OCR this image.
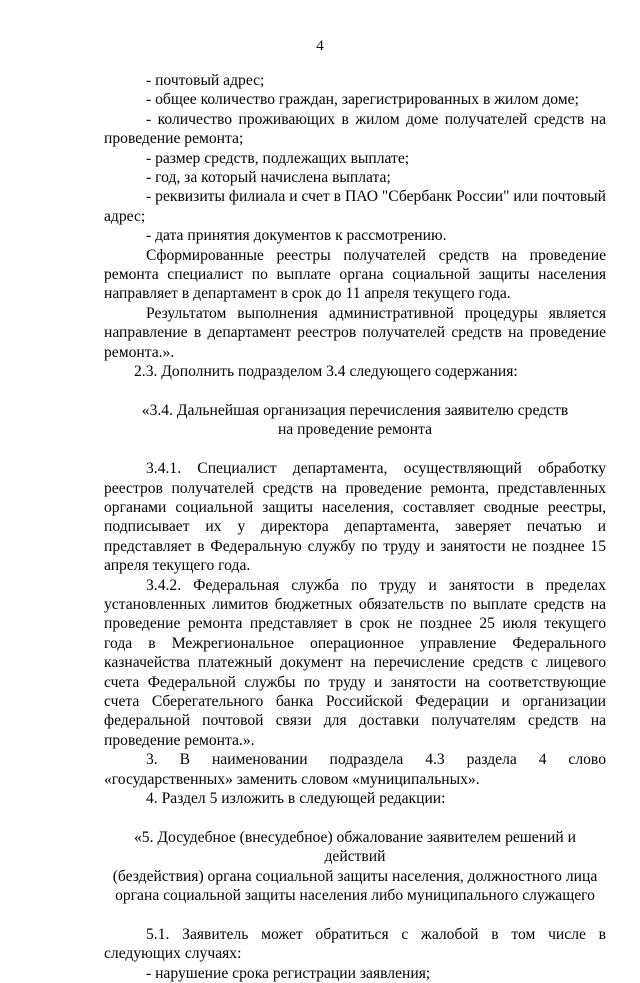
4

- почтовый адрес;

- общее количество граждан, зарегистрированных в жилом доме;

- количество проживающих в жилом доме получателей средств на проведение ремонта;

- размер средств, подлежащих выплате;

- год, за который начислена выплата;

- реквизиты филиала и счет в ПАО "Сбербанк России" или почтовый адрес;

- дата принятия документов к рассмотрению.

Сформированные реестры получателей средств на проведение ремонта специалист по выплате органа социальной защиты населения направляет в департамент в срок до 11 апреля текущего года.

Результатом выполнения административной процедуры является направление в департамент реестров получателей средств на проведение ремонта.».

2.3. Дополнить подразделом 3.4 следующего содержания:

«3.4. Дальнейшая организация перечисления заявителю средств

на проведение ремонта

3.4.1. Специалист департамента, осуществляющий обработку реестров получателей средств на проведение ремонта, представленных органами социальной защиты населения, составляет сводные реестры, подписывает их у директора департамента, заверяет печатью и представляет в Федеральную службу по труду и занятости не позднее 15 апреля текущего года.

3.4.2. Федеральная служба по труду и занятости в пределах установленных лимитов бюджетных обязательств по выплате средств на проведение ремонта представляет в срок не позднее 25 июля текущего года в Межрегиональное операционное управление Федерального казначейства платежный документ на перечисление средств с лицевого счета Федеральной службы по труду и занятости на соответствующие счета Сберегательного банка Российской Федерации и организации федеральной почтовой связи для доставки получателям средств на проведение ремонта.».

3. В наименовании подраздела 4.3 раздела 4 слово «государственных» заменить словом «муниципальных».

4. Раздел 5 изложить в следующей редакции:

«5. Досудебное (внесудебное) обжалование заявителем решений и действий

(бездействия) органа социальной защиты населения, должностного лица

органа социальной защиты населения либо муниципального служащего

5.1. Заявитель может обратиться с жалобой в том числе в следующих случаях:

- нарушение срока регистрации заявления;
